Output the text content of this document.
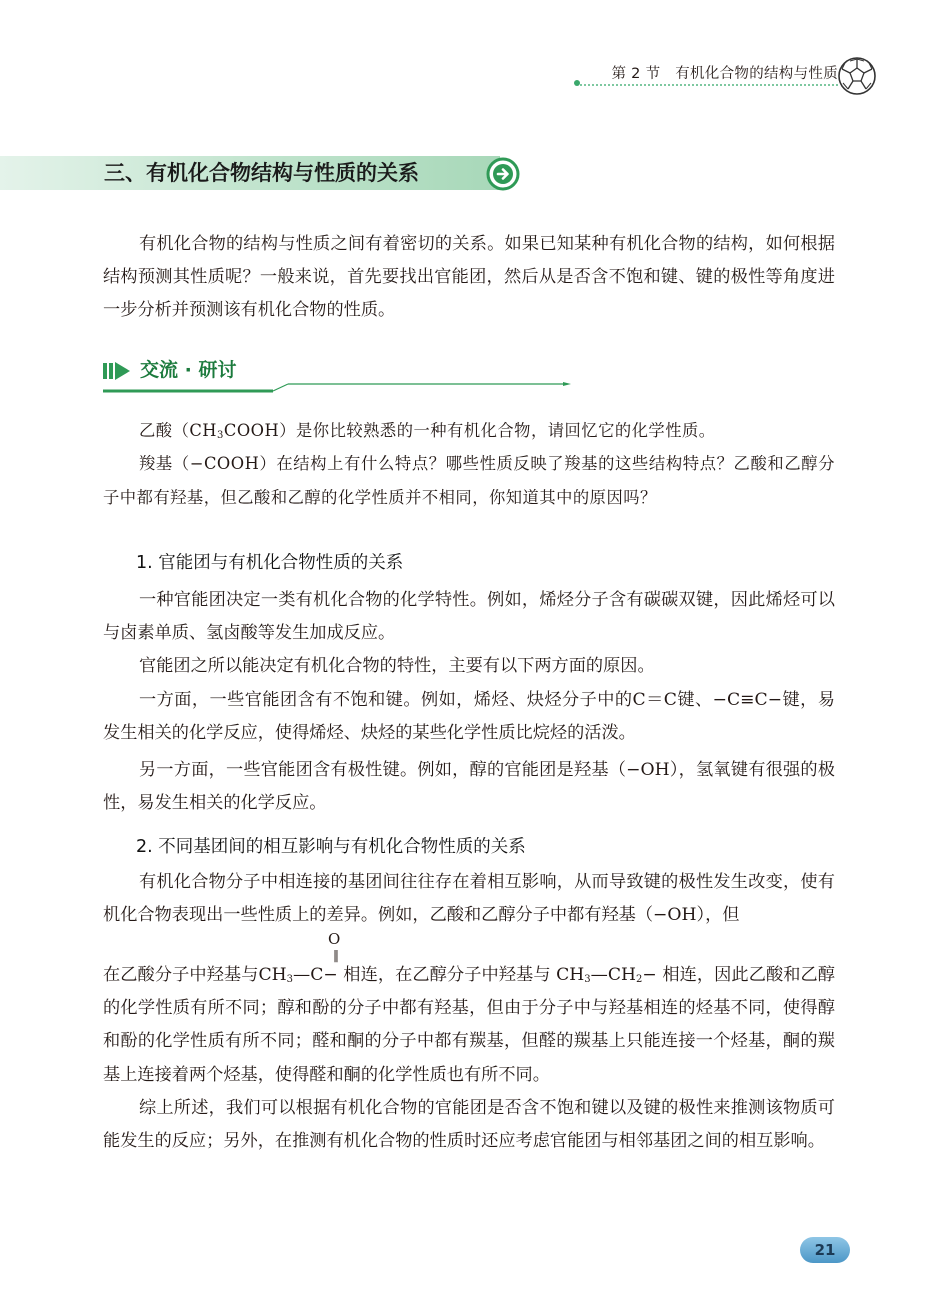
第 2 节　有机化合物的结构与性质
三、有机化合物结构与性质的关系

有机化合物的结构与性质之间有着密切的关系。如果已知某种有机化合物的结构，如何根据结构预测其性质呢？一般来说，首先要找出官能团，然后从是否含不饱和键、键的极性等角度进一步分析并预测该有机化合物的性质。

交流 · 研讨

乙酸$(CH_3COOH)$是你比较熟悉的一种有机化合物，请回忆它的化学性质。

羧基（−COOH）在结构上有什么特点？哪些性质反映了羧基的这些结构特点？乙酸和乙醇分子中都有羟基，但乙酸和乙醇的化学性质并不相同，你知道其中的原因吗？

1. 官能团与有机化合物性质的关系

一种官能团决定一类有机化合物的化学特性。例如，烯烃分子含有碳碳双键，因此烯烃可以与卤素单质、氢卤酸等发生加成反应。

官能团之所以能决定有机化合物的特性，主要有以下两方面的原因。

一方面，一些官能团含有不饱和键。例如，烯烃、炔烃分子中的C＝C键、−C≡C−键，易发生相关的化学反应，使得烯烃、炔烃的某些化学性质比烷烃的活泼。

另一方面，一些官能团含有极性键。例如，醇的官能团是羟基（−OH），氢氧键有很强的极性，易发生相关的化学反应。

2. 不同基团间的相互影响与有机化合物性质的关系

有机化合物分子中相连接的基团间往往存在着相互影响，从而导致键的极性发生改变，使有机化合物表现出一些性质上的差异。例如，乙酸和乙醇分子中都有羟基（−OH），但

O
‖

在乙酸分子中羟基与$CH_3—C-$ 相连，在乙醇分子中羟基与 $CH_3—CH_2-$ 相连，因此乙酸和乙醇的化学性质有所不同；醇和酚的分子中都有羟基，但由于分子中与羟基相连的烃基不同，使得醇和酚的化学性质有所不同；醛和酮的分子中都有羰基，但醛的羰基上只能连接一个烃基，酮的羰基上连接着两个烃基，使得醛和酮的化学性质也有所不同。

综上所述，我们可以根据有机化合物的官能团是否含不饱和键以及键的极性来推测该物质可能发生的反应；另外，在推测有机化合物的性质时还应考虑官能团与相邻基团之间的相互影响。

21
